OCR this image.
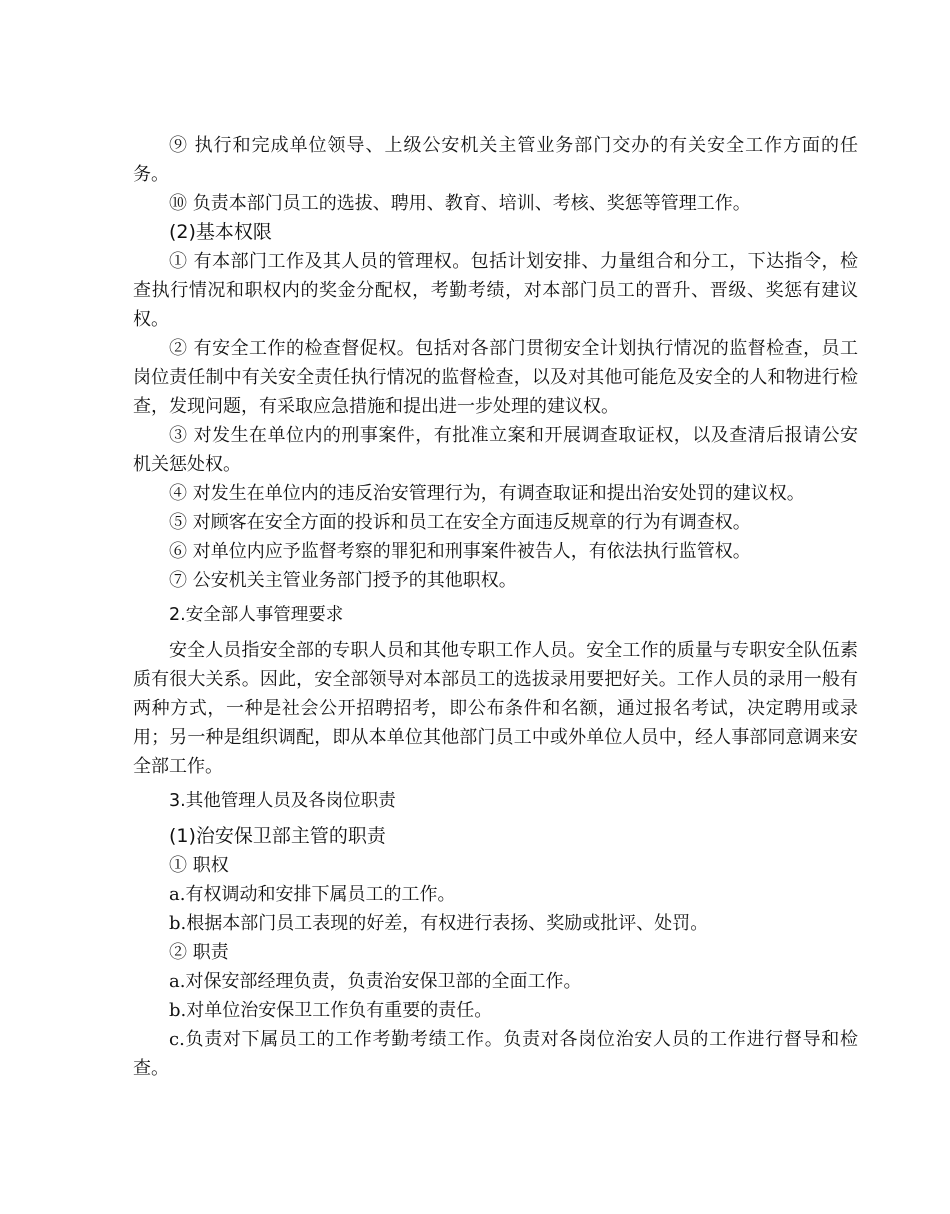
⑨ 执行和完成单位领导、上级公安机关主管业务部门交办的有关安全工作方面的任务。

⑩ 负责本部门员工的选拔、聘用、教育、培训、考核、奖惩等管理工作。

(2)基本权限

① 有本部门工作及其人员的管理权。包括计划安排、力量组合和分工，下达指令，检查执行情况和职权内的奖金分配权，考勤考绩，对本部门员工的晋升、晋级、奖惩有建议权。

② 有安全工作的检查督促权。包括对各部门贯彻安全计划执行情况的监督检查，员工岗位责任制中有关安全责任执行情况的监督检查，以及对其他可能危及安全的人和物进行检查，发现问题，有采取应急措施和提出进一步处理的建议权。

③ 对发生在单位内的刑事案件，有批准立案和开展调查取证权，以及查清后报请公安机关惩处权。

④ 对发生在单位内的违反治安管理行为，有调查取证和提出治安处罚的建议权。

⑤ 对顾客在安全方面的投诉和员工在安全方面违反规章的行为有调查权。

⑥ 对单位内应予监督考察的罪犯和刑事案件被告人，有依法执行监管权。

⑦ 公安机关主管业务部门授予的其他职权。

2.安全部人事管理要求

安全人员指安全部的专职人员和其他专职工作人员。安全工作的质量与专职安全队伍素质有很大关系。因此，安全部领导对本部员工的选拔录用要把好关。工作人员的录用一般有两种方式，一种是社会公开招聘招考，即公布条件和名额，通过报名考试，决定聘用或录用；另一种是组织调配，即从本单位其他部门员工中或外单位人员中，经人事部同意调来安全部工作。

3.其他管理人员及各岗位职责
(1)治安保卫部主管的职责

① 职权

a.有权调动和安排下属员工的工作。

b.根据本部门员工表现的好差，有权进行表扬、奖励或批评、处罚。

② 职责

a.对保安部经理负责，负责治安保卫部的全面工作。

b.对单位治安保卫工作负有重要的责任。

c.负责对下属员工的工作考勤考绩工作。负责对各岗位治安人员的工作进行督导和检查。
